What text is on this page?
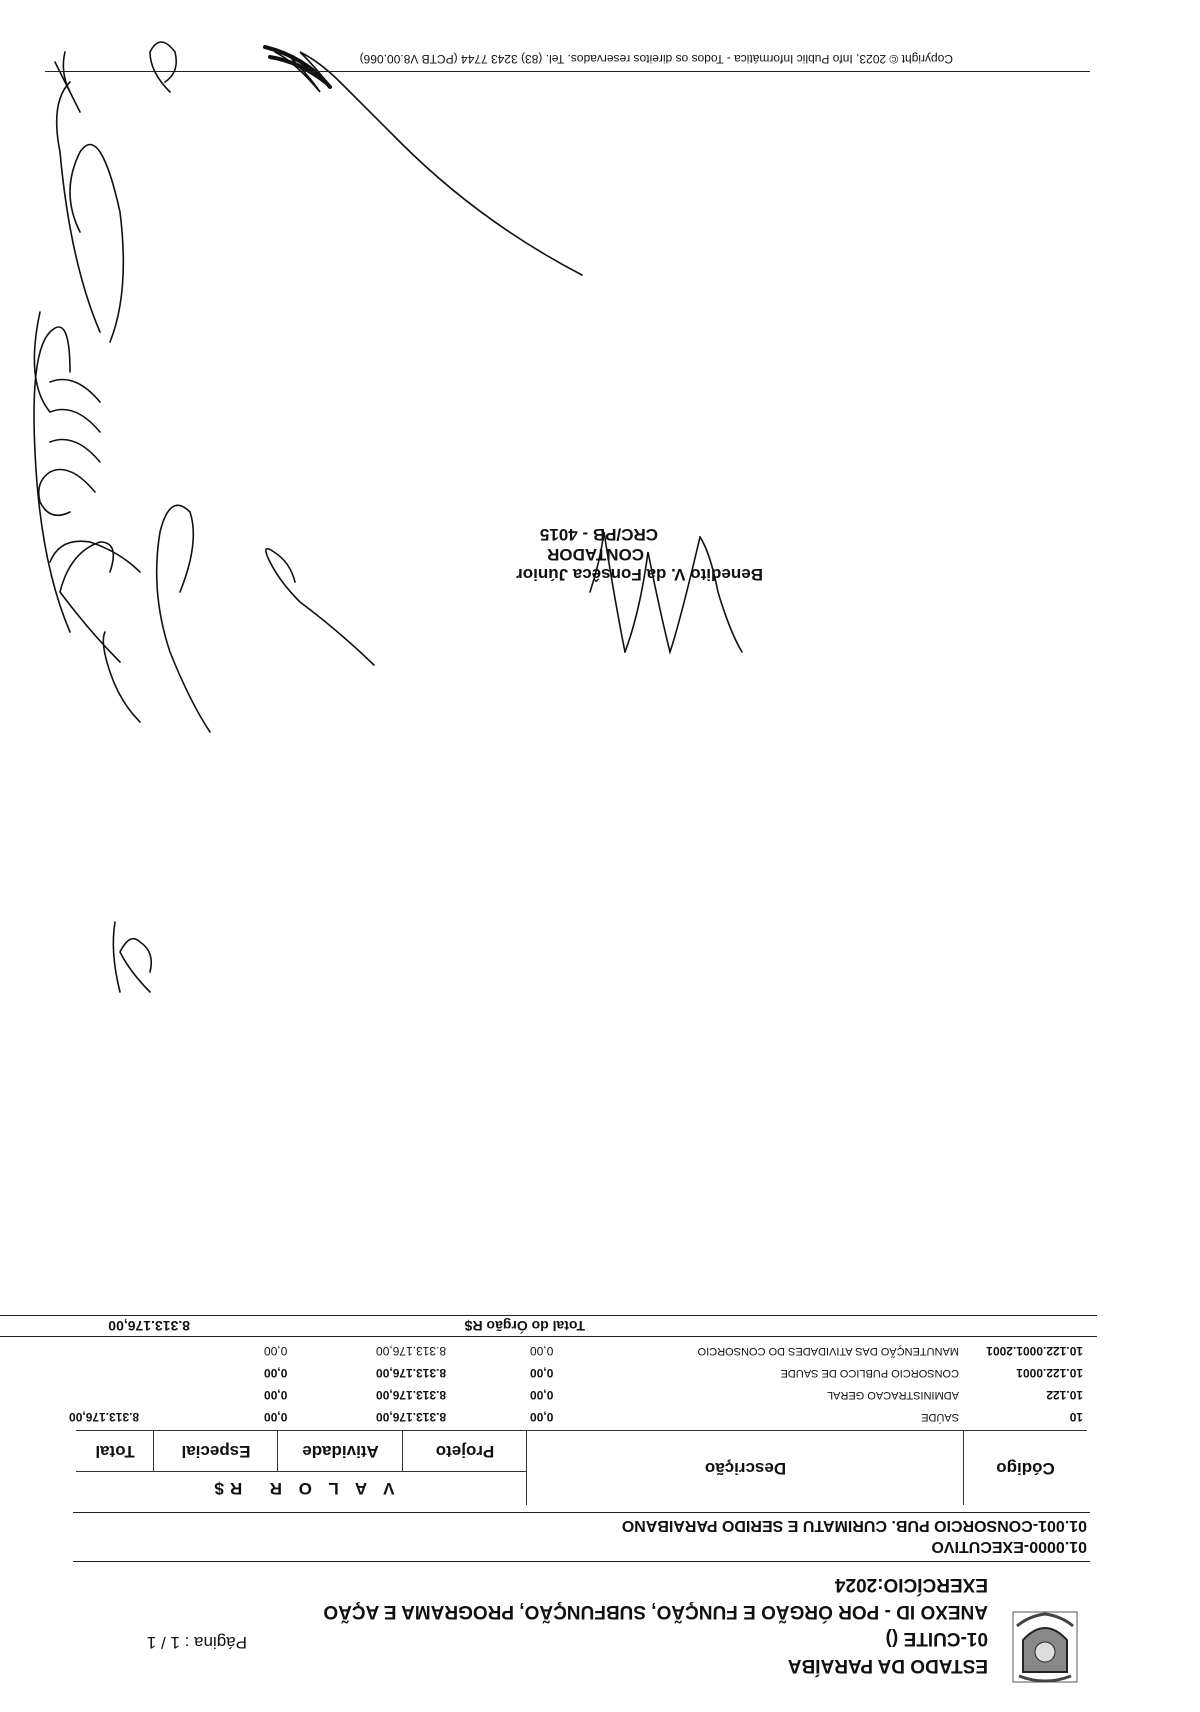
ESTADO DA PARAÍBA
01-CUITE ()
ANEXO ID - POR ÓRGÃO E FUNÇÃO, SUBFUNÇÃO, PROGRAMA E AÇÃO
EXERCÍCIO:2024
Página : 1 / 1
01.0000-EXECUTIVO
01.001-CONSORCIO PUB. CURIMATU E SERIDO PARAIBANO
Código
Descrição
V A L O R  R$
Projeto
Atividade
Especial
Total
10
SAÚDE
0,00
8.313.176,00
0,00
8.313.176,00
10.122
ADMINISTRACAO GERAL
0,00
8.313.176,00
0,00
10.122.0001
CONSORCIO PUBLICO DE SAUDE
0,00
8.313.176,00
0,00
10.122.0001.2001
MANUTENÇÃO DAS ATIVIDADES DO CONSORCIO
0,00
8.313.176,00
0,00
Total do Órgão R$
8.313.176,00
Benedito V. da Fonsêca Júnior
CONTADOR
CRC/PB - 4015
Copyright © 2023, Info Public Informática - Todos os direitos reservados. Tel. (83) 3243 7744 (PCTB V8.00.066)
